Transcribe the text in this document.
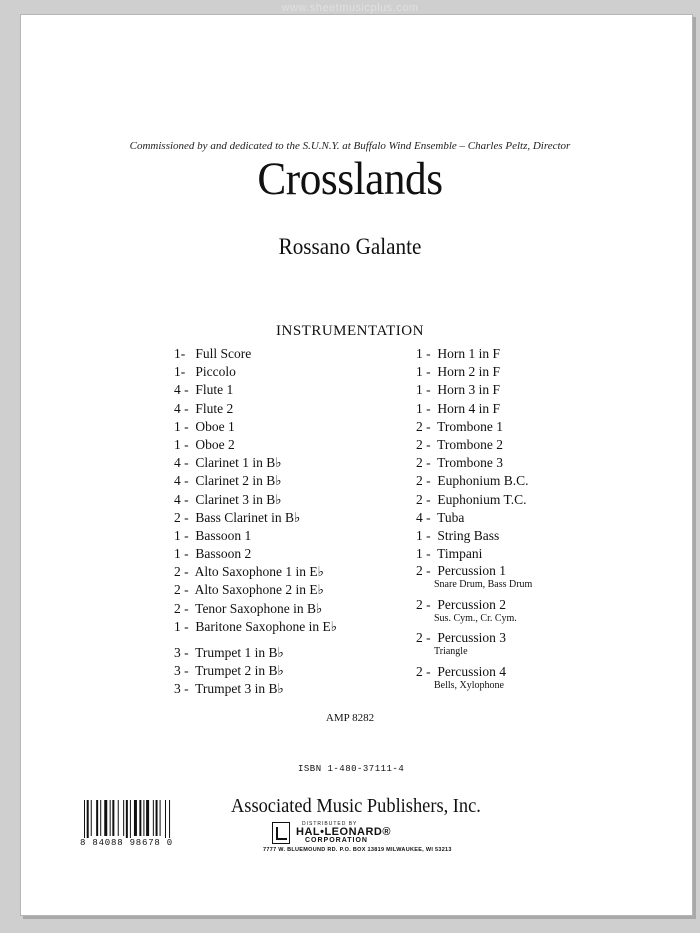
www.sheetmusicplus.com
Commissioned by and dedicated to the S.U.N.Y. at Buffalo Wind Ensemble – Charles Peltz, Director
Crosslands
Rossano Galante
INSTRUMENTATION
1- Full Score
1- Piccolo
4 - Flute 1
4 - Flute 2
1 - Oboe 1
1 - Oboe 2
4 - Clarinet 1 in B♭
4 - Clarinet 2 in B♭
4 - Clarinet 3 in B♭
2 - Bass Clarinet in B♭
1 - Bassoon 1
1 - Bassoon 2
2 - Alto Saxophone 1 in E♭
2 - Alto Saxophone 2 in E♭
2 - Tenor Saxophone in B♭
1 - Baritone Saxophone in E♭
3 - Trumpet 1 in B♭
3 - Trumpet 2 in B♭
3 - Trumpet 3 in B♭
1 - Horn 1 in F
1 - Horn 2 in F
1 - Horn 3 in F
1 - Horn 4 in F
2 - Trombone 1
2 - Trombone 2
2 - Trombone 3
2 - Euphonium B.C.
2 - Euphonium T.C.
4 - Tuba
1 - String Bass
1 - Timpani
2 - Percussion 1
Snare Drum, Bass Drum
2 - Percussion 2
Sus. Cym., Cr. Cym.
2 - Percussion 3
Triangle
2 - Percussion 4
Bells, Xylophone
AMP 8282
ISBN 1-480-37111-4
8 84088 98678 0
Associated Music Publishers, Inc.
DISTRIBUTED BY
HAL•LEONARD®
CORPORATION
7777 W. BLUEMOUND RD. P.O. BOX 13819 MILWAUKEE, WI 53213
